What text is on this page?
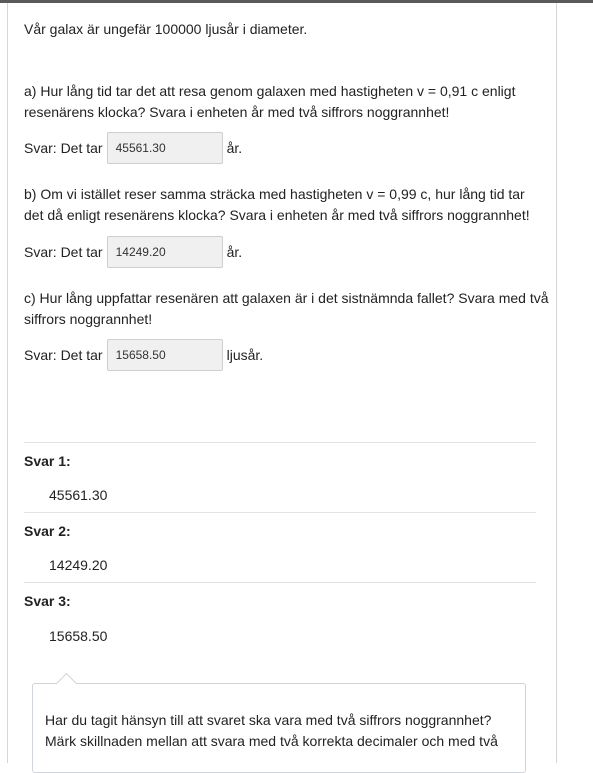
Vår galax är ungefär 100000 ljusår i diameter.
a) Hur lång tid tar det att resa genom galaxen med hastigheten v = 0,91 c enligt
resenärens klocka? Svara i enheten år med två siffrors noggrannhet!
Svar: Det tar	45561.30	år.
b) Om vi istället reser samma sträcka med hastigheten v = 0,99 c, hur lång tid tar
det då enligt resenärens klocka? Svara i enheten år med två siffrors noggrannhet!
Svar: Det tar	14249.20	år.
c) Hur lång uppfattar resenären att galaxen är i det sistnämnda fallet? Svara med två
siffrors noggrannhet!
Svar: Det tar	15658.50	ljusår.
Svar 1:
45561.30
Svar 2:
14249.20
Svar 3:
15658.50

Har du tagit hänsyn till att svaret ska vara med två siffrors noggrannhet?

Märk skillnaden mellan att svara med två korrekta decimaler och med två
